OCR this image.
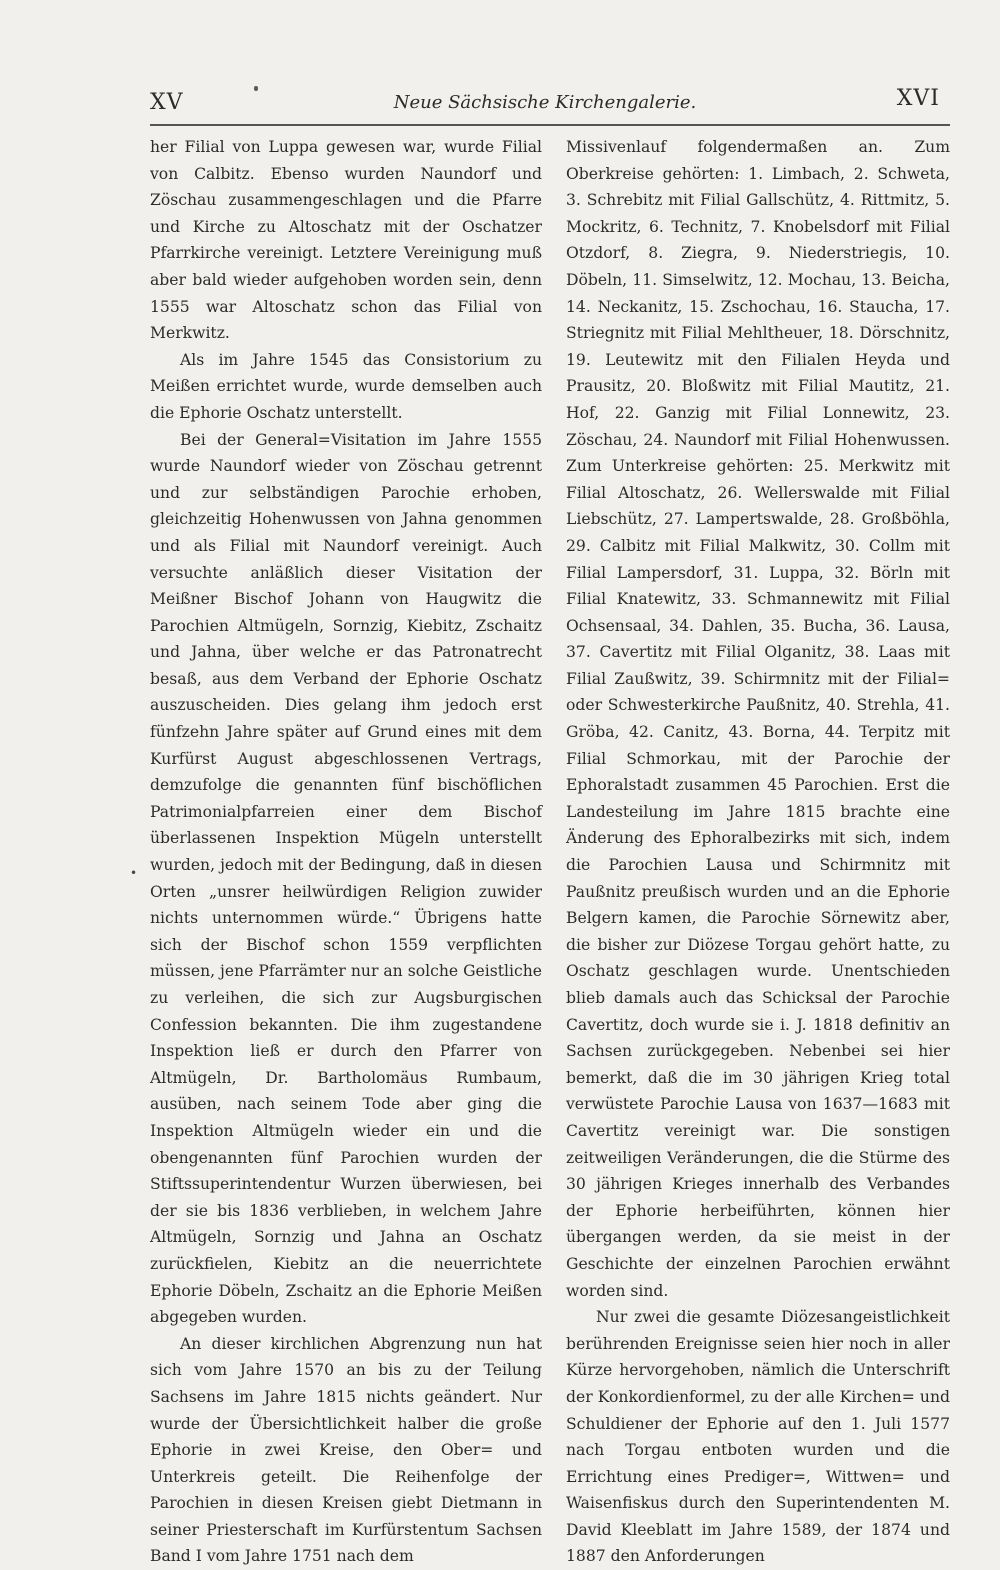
XV	Neue Sächsische Kirchengalerie.	XVI

her Filial von Luppa gewesen war, wurde Filial von Calbitz. Ebenso wurden Naundorf und Zöschau zusammengeschlagen und die Pfarre und Kirche zu Altoschatz mit der Oschatzer Pfarrkirche vereinigt. Letztere Vereinigung muß aber bald wieder aufgehoben worden sein, denn 1555 war Altoschatz schon das Filial von Merkwitz.

Als im Jahre 1545 das Consistorium zu Meißen errichtet wurde, wurde demselben auch die Ephorie Oschatz unterstellt.

Bei der General=Visitation im Jahre 1555 wurde Naundorf wieder von Zöschau getrennt und zur selbständigen Parochie erhoben, gleichzeitig Hohenwussen von Jahna genommen und als Filial mit Naundorf vereinigt. Auch versuchte anläßlich dieser Visitation der Meißner Bischof Johann von Haugwitz die Parochien Altmügeln, Sornzig, Kiebitz, Zschaitz und Jahna, über welche er das Patronatrecht besaß, aus dem Verband der Ephorie Oschatz auszuscheiden. Dies gelang ihm jedoch erst fünfzehn Jahre später auf Grund eines mit dem Kurfürst August abgeschlossenen Vertrags, demzufolge die genannten fünf bischöflichen Patrimonialpfarreien einer dem Bischof überlassenen Inspektion Mügeln unterstellt wurden, jedoch mit der Bedingung, daß in diesen Orten „unsrer heilwürdigen Religion zuwider nichts unternommen würde.“ Übrigens hatte sich der Bischof schon 1559 verpflichten müssen, jene Pfarrämter nur an solche Geistliche zu verleihen, die sich zur Augsburgischen Confession bekannten. Die ihm zugestandene Inspektion ließ er durch den Pfarrer von Altmügeln, Dr. Bartholomäus Rumbaum, ausüben, nach seinem Tode aber ging die Inspektion Altmügeln wieder ein und die obengenannten fünf Parochien wurden der Stiftssuperintendentur Wurzen überwiesen, bei der sie bis 1836 verblieben, in welchem Jahre Altmügeln, Sornzig und Jahna an Oschatz zurückfielen, Kiebitz an die neuerrichtete Ephorie Döbeln, Zschaitz an die Ephorie Meißen abgegeben wurden.

An dieser kirchlichen Abgrenzung nun hat sich vom Jahre 1570 an bis zu der Teilung Sachsens im Jahre 1815 nichts geändert. Nur wurde der Übersichtlichkeit halber die große Ephorie in zwei Kreise, den Ober= und Unterkreis geteilt. Die Reihenfolge der Parochien in diesen Kreisen giebt Dietmann in seiner Priesterschaft im Kurfürstentum Sachsen Band I vom Jahre 1751 nach dem

•

Missivenlauf folgendermaßen an. Zum Oberkreise gehörten: 1. Limbach, 2. Schweta, 3. Schrebitz mit Filial Gallschütz, 4. Rittmitz, 5. Mockritz, 6. Technitz, 7. Knobelsdorf mit Filial Otzdorf, 8. Ziegra, 9. Niederstriegis, 10. Döbeln, 11. Simselwitz, 12. Mochau, 13. Beicha, 14. Neckanitz, 15. Zschochau, 16. Staucha, 17. Striegnitz mit Filial Mehltheuer, 18. Dörschnitz, 19. Leutewitz mit den Filialen Heyda und Prausitz, 20. Bloßwitz mit Filial Mautitz, 21. Hof, 22. Ganzig mit Filial Lonnewitz, 23. Zöschau, 24. Naundorf mit Filial Hohenwussen. Zum Unterkreise gehörten: 25. Merkwitz mit Filial Altoschatz, 26. Wellerswalde mit Filial Liebschütz, 27. Lampertswalde, 28. Großböhla, 29. Calbitz mit Filial Malkwitz, 30. Collm mit Filial Lampersdorf, 31. Luppa, 32. Börln mit Filial Knatewitz, 33. Schmannewitz mit Filial Ochsensaal, 34. Dahlen, 35. Bucha, 36. Lausa, 37. Cavertitz mit Filial Olganitz, 38. Laas mit Filial Zaußwitz, 39. Schirmnitz mit der Filial= oder Schwesterkirche Paußnitz, 40. Strehla, 41. Gröba, 42. Canitz, 43. Borna, 44. Terpitz mit Filial Schmorkau, mit der Parochie der Ephoralstadt zusammen 45 Parochien. Erst die Landesteilung im Jahre 1815 brachte eine Änderung des Ephoralbezirks mit sich, indem die Parochien Lausa und Schirmnitz mit Paußnitz preußisch wurden und an die Ephorie Belgern kamen, die Parochie Sörnewitz aber, die bisher zur Diözese Torgau gehört hatte, zu Oschatz geschlagen wurde. Unentschieden blieb damals auch das Schicksal der Parochie Cavertitz, doch wurde sie i. J. 1818 definitiv an Sachsen zurückgegeben. Nebenbei sei hier bemerkt, daß die im 30 jährigen Krieg total verwüstete Parochie Lausa von 1637—1683 mit Cavertitz vereinigt war. Die sonstigen zeitweiligen Veränderungen, die die Stürme des 30 jährigen Krieges innerhalb des Verbandes der Ephorie herbeiführten, können hier übergangen werden, da sie meist in der Geschichte der einzelnen Parochien erwähnt worden sind.

Nur zwei die gesamte Diözesangeistlichkeit berührenden Ereignisse seien hier noch in aller Kürze hervorgehoben, nämlich die Unterschrift der Konkordienformel, zu der alle Kirchen= und Schuldiener der Ephorie auf den 1. Juli 1577 nach Torgau entboten wurden und die Errichtung eines Prediger=, Wittwen= und Waisenfiskus durch den Superintendenten M. David Kleeblatt im Jahre 1589, der 1874 und 1887 den Anforderungen
